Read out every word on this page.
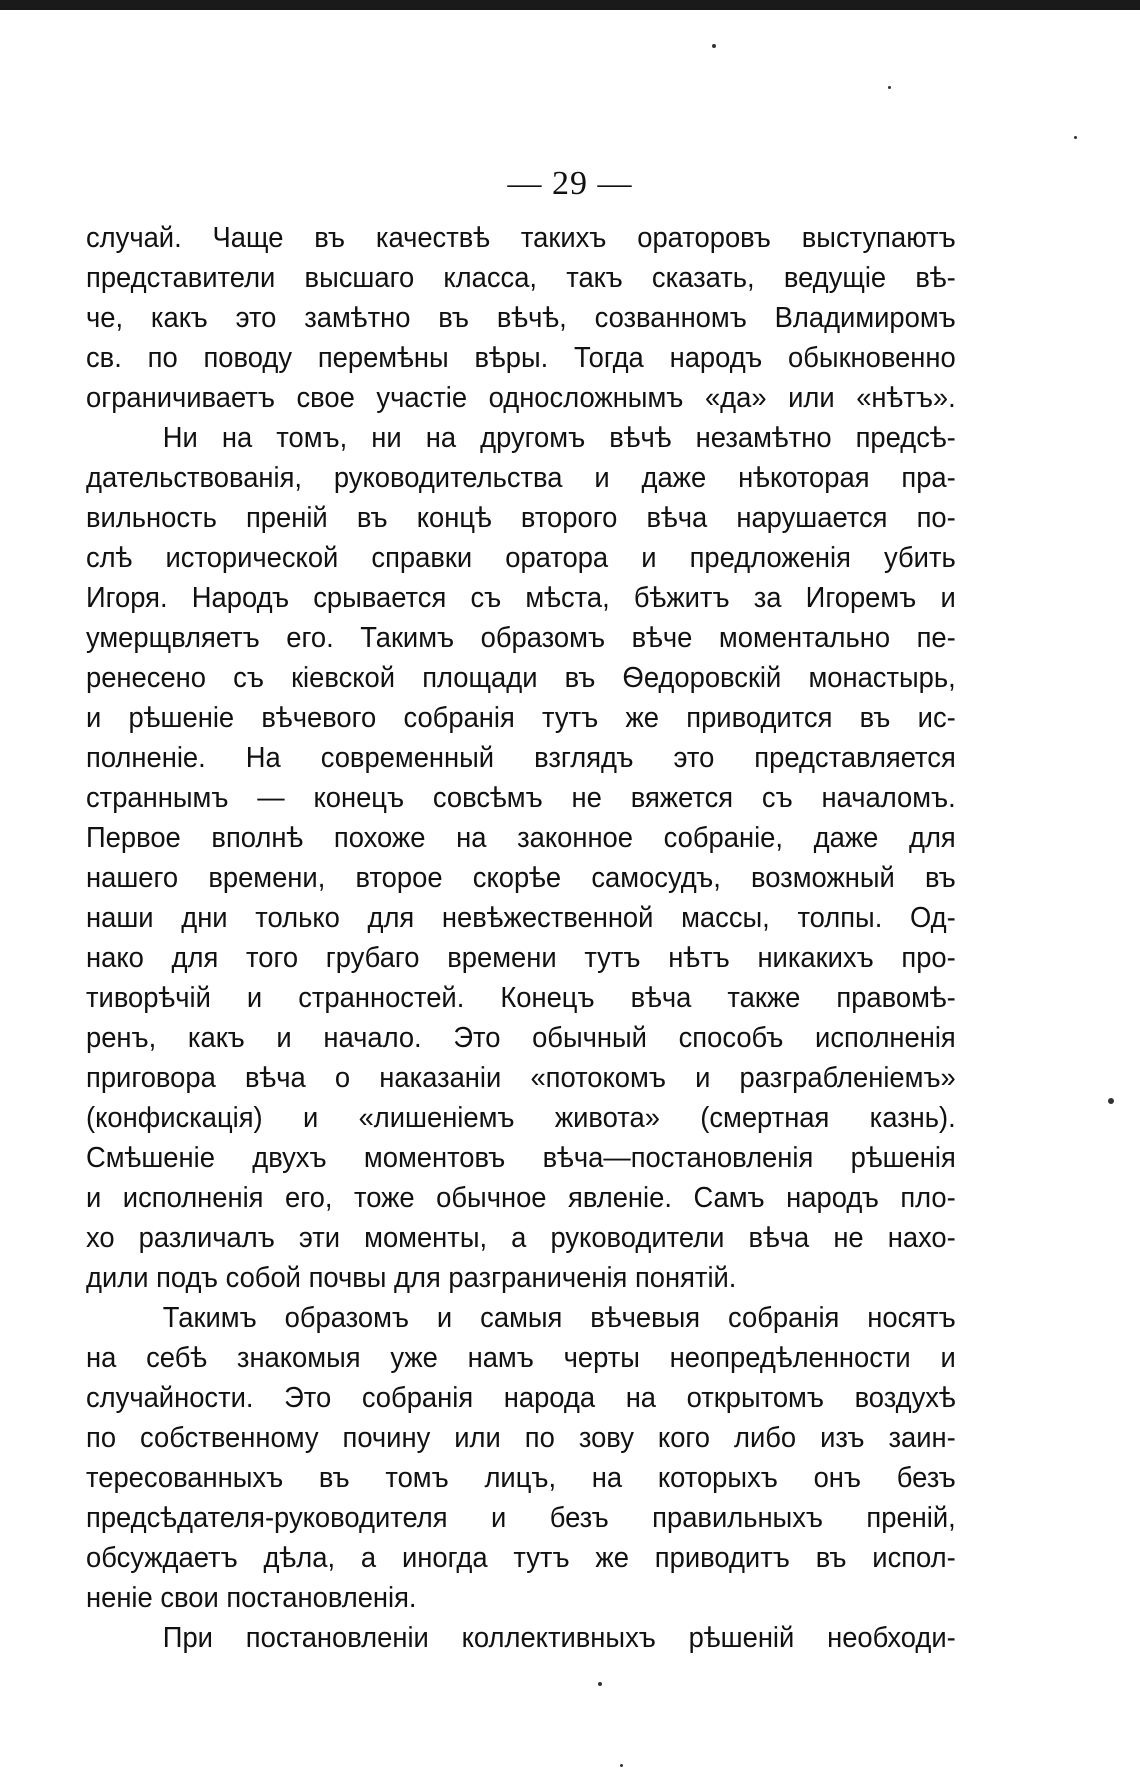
— 29 —
случай. Чаще въ качествѣ такихъ ораторовъ выступаютъ
представители высшаго класса, такъ сказать, ведущіе вѣ-
че, какъ это замѣтно въ вѣчѣ, созванномъ Владимиромъ
св. по поводу перемѣны вѣры. Тогда народъ обыкновенно
ограничиваетъ свое участіе односложнымъ «да» или «нѣтъ».
Ни на томъ, ни на другомъ вѣчѣ незамѣтно предсѣ-
дательствованія, руководительства и даже нѣкоторая пра-
вильность преній въ концѣ второго вѣча нарушается по-
слѣ исторической справки оратора и предложенія убить
Игоря. Народъ срывается съ мѣста, бѣжитъ за Игоремъ и
умерщвляетъ его. Такимъ образомъ вѣче моментально пе-
ренесено съ кіевской площади въ Ѳедоровскій монастырь,
и рѣшеніе вѣчевого собранія тутъ же приводится въ ис-
полненіе. На современный взглядъ это представляется
страннымъ — конецъ совсѣмъ не вяжется съ началомъ.
Первое вполнѣ похоже на законное собраніе, даже для
нашего времени, второе скорѣе самосудъ, возможный въ
наши дни только для невѣжественной массы, толпы. Од-
нако для того грубаго времени тутъ нѣтъ никакихъ про-
тиворѣчій и странностей. Конецъ вѣча также правомѣ-
ренъ, какъ и начало. Это обычный способъ исполненія
приговора вѣча о наказаніи «потокомъ и разграбленіемъ»
(конфискація) и «лишеніемъ живота» (смертная казнь).
Смѣшеніе двухъ моментовъ вѣча—постановленія рѣшенія
и исполненія его, тоже обычное явленіе. Самъ народъ пло-
хо различалъ эти моменты, а руководители вѣча не нахо-
дили подъ собой почвы для разграниченія понятій.
Такимъ образомъ и самыя вѣчевыя собранія носятъ
на себѣ знакомыя уже намъ черты неопредѣленности и
случайности. Это собранія народа на открытомъ воздухѣ
по собственному почину или по зову кого либо изъ заин-
тересованныхъ въ томъ лицъ, на которыхъ онъ безъ
предсѣдателя-руководителя и безъ правильныхъ преній,
обсуждаетъ дѣла, а иногда тутъ же приводитъ въ испол-
неніе свои постановленія.
При постановленіи коллективныхъ рѣшеній необходи-
